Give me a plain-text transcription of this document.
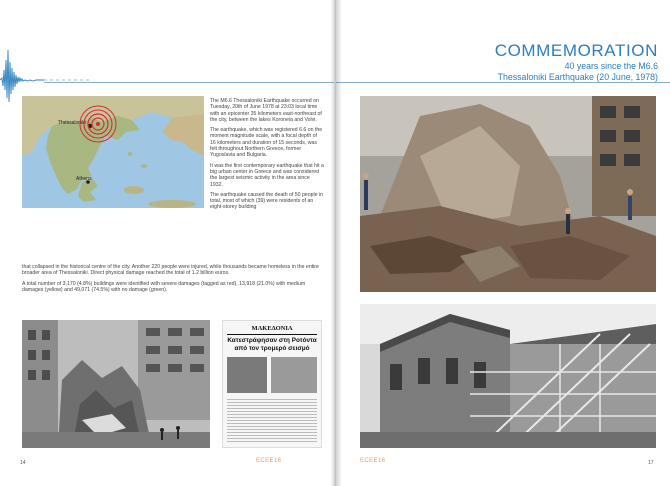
Thessaloniki
Athens

The M6.6 Thessaloniki Earthquake occurred on Tuesday, 20th of June 1978 at 23:03 local time with an epicenter 35 kilometers east-northeast of the city, between the lakes Koroneia and Volvi.

The earthquake, which was registered 6.6 on the moment magnitude scale, with a focal depth of 16 kilometers and duration of 15 seconds, was felt throughout Northern Greece, former Yugoslavia and Bulgaria.

It was the first contemporary earthquake that hit a big urban center in Greece and was considered the largest seismic activity in the area since 1932.

The earthquake caused the death of 50 people in total, most of which (39) were residents of an eight-storey building

that collapsed in the historical centre of the city. Another 220 people were injured, while thousands became homeless in the entire broader area of Thessaloniki. Direct physical damage reached the total of 1.2 billion euros.

A total number of 3,170 (4.8%) buildings were identified with severe damages (tagged as red), 13,918 (21.0%) with medium damages (yellow) and 49,071 (74.5%) with no damage (green).

ΜΑΚΕΔΟΝΙΑ
Κατεστράφησαν στη Ροτόντα
από τον τρομερό σεισμό
14	ECEE16
COMMEMORATION
40 years since the M6.6
Thessaloniki Earthquake (20 June, 1978)
ECEE16	17
